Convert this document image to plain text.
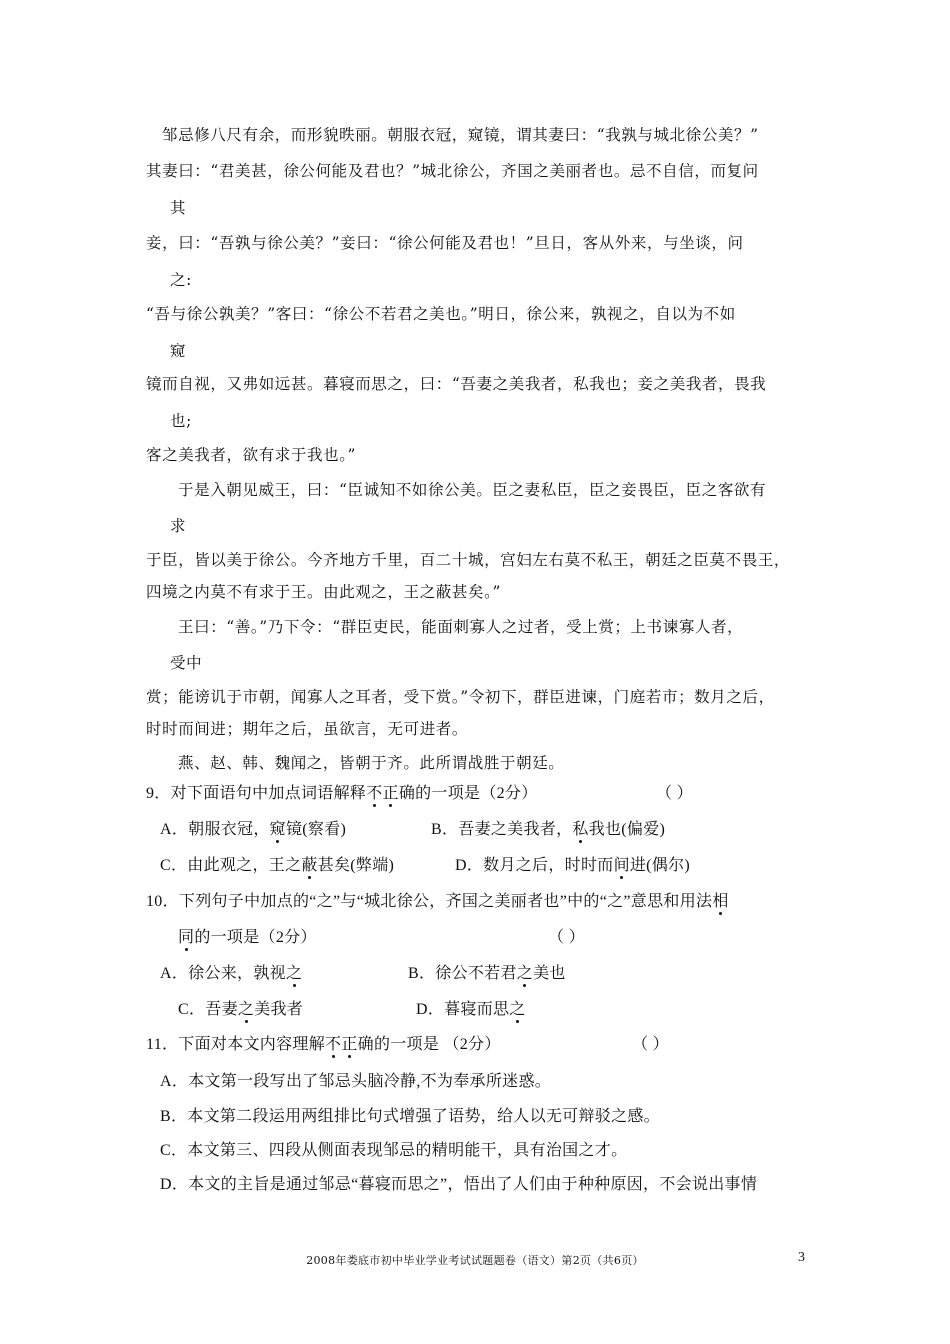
邹忌修八尺有余，而形貌昳丽。朝服衣冠，窥镜，谓其妻曰：“我孰与城北徐公美？”
其妻曰：“君美甚，徐公何能及君也？”城北徐公，齐国之美丽者也。忌不自信，而复问
其
妾，曰：“吾孰与徐公美？”妾曰：“徐公何能及君也！”旦日，客从外来，与坐谈，问
之:
“吾与徐公孰美？”客曰：“徐公不若君之美也。”明日，徐公来，孰视之，自以为不如
窥
镜而自视，又弗如远甚。暮寝而思之，曰：“吾妻之美我者，私我也；妾之美我者，畏我
也;
客之美我者，欲有求于我也。”
于是入朝见威王，曰：“臣诚知不如徐公美。臣之妻私臣，臣之妾畏臣，臣之客欲有
求
于臣，皆以美于徐公。今齐地方千里，百二十城，宫妇左右莫不私王，朝廷之臣莫不畏王，
四境之内莫不有求于王。由此观之，王之蔽甚矣。”
王曰：“善。”乃下令：“群臣吏民，能面刺寡人之过者，受上赏；上书谏寡人者，
受中
赏；能谤讥于市朝，闻寡人之耳者，受下赏。”令初下，群臣进谏，门庭若市；数月之后，
时时而间进；期年之后，虽欲言，无可进者。
燕、赵、韩、魏闻之，皆朝于齐。此所谓战胜于朝廷。
9．对下面语句中加点词语解释不正确的一项是（2分）	（ ）
A．朝服衣冠，窥镜(察看)	B．吾妻之美我者，私我也(偏爱)
C．由此观之，王之蔽甚矣(弊端)	D．数月之后，时时而间进(偶尔)
10．下列句子中加点的“之”与“城北徐公，齐国之美丽者也”中的“之”意思和用法相
同的一项是（2分）	（ ）
A．徐公来，孰视之	B．徐公不若君之美也
C．吾妻之美我者	D．暮寝而思之
11．下面对本文内容理解不正确的一项是 （2分）	（ ）
A．本文第一段写出了邹忌头脑冷静,不为奉承所迷惑。
B．本文第二段运用两组排比句式增强了语势，给人以无可辩驳之感。
C．本文第三、四段从侧面表现邹忌的精明能干，具有治国之才。
D．本文的主旨是通过邹忌“暮寝而思之”，悟出了人们由于种种原因，不会说出事情
2008年娄底市初中毕业学业考试试题题卷（语文）第2页（共6页）	3
